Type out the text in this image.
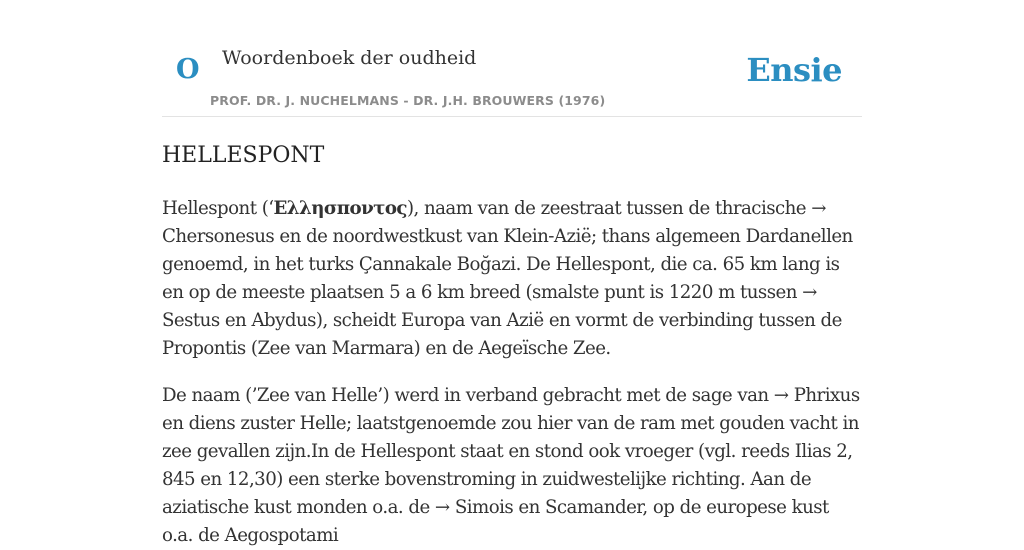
O Woordenboek der oudheid
PROF. DR. J. NUCHELMANS - DR. J.H. BROUWERS (1976)
Ensie
HELLESPONT

Hellespont (‘Ελλησποντος), naam van de zeestraat tussen de thracische → Chersonesus en de noordwestkust van Klein-Azië; thans algemeen Dardanellen genoemd, in het turks Çannakale Boğazi. De Hellespont, die ca. 65 km lang is en op de meeste plaatsen 5 a 6 km breed (smalste punt is 1220 m tussen → Sestus en Abydus), scheidt Europa van Azië en vormt de verbinding tussen de Propontis (Zee van Marmara) en de Aegeïsche Zee.

De naam (’Zee van Helle’) werd in verband gebracht met de sage van → Phrixus en diens zuster Helle; laatstgenoemde zou hier van de ram met gouden vacht in zee gevallen zijn.In de Hellespont staat en stond ook vroeger (vgl. reeds Ilias 2, 845 en 12,30) een sterke bovenstroming in zuidwestelijke richting. Aan de aziatische kust monden o.a. de → Simois en Scamander, op de europese kust o.a. de Aegospotami
